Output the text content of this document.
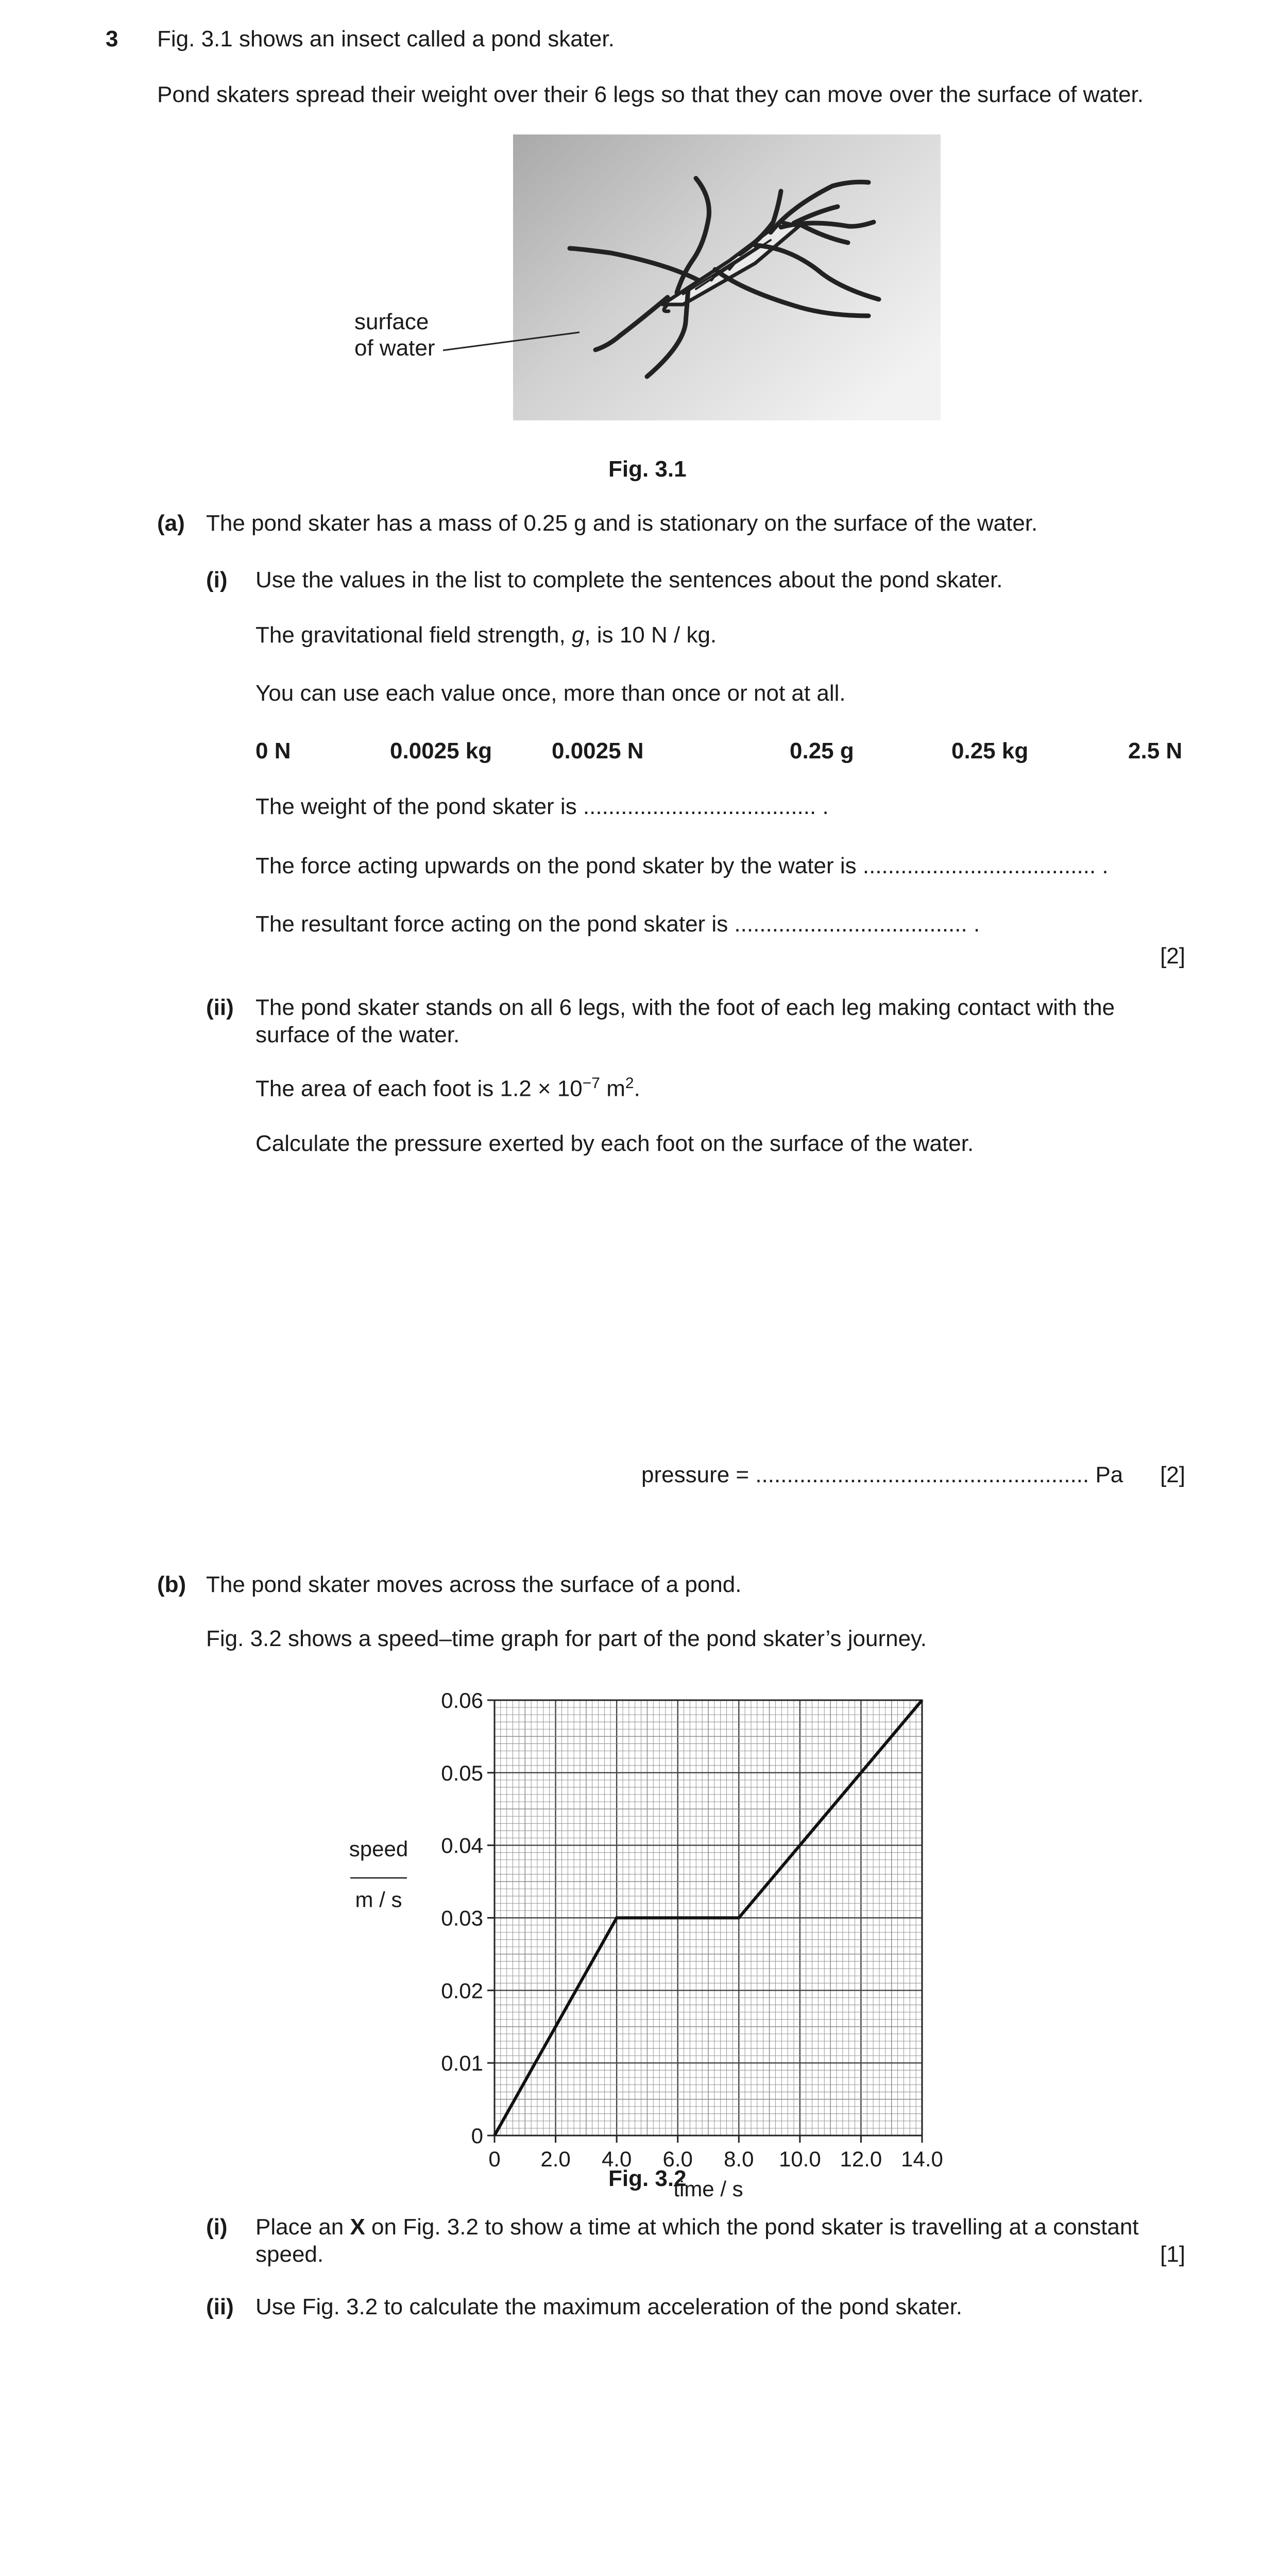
3 Fig. 3.1 shows an insect called a pond skater.
Pond skaters spread their weight over their 6 legs so that they can move over the surface of water.
surface
of water
Fig. 3.1
(a) The pond skater has a mass of 0.25 g and is stationary on the surface of the water.
(i) Use the values in the list to complete the sentences about the pond skater.
The gravitational field strength, g, is 10 N / kg.
You can use each value once, more than once or not at all.
0 N	0.0025 kg	0.0025 N	0.25 g	0.25 kg	2.5 N
The weight of the pond skater is ..................................... .
The force acting upwards on the pond skater by the water is ..................................... .
The resultant force acting on the pond skater is ..................................... .
[2]
(ii) The pond skater stands on all 6 legs, with the foot of each leg making contact with the
surface of the water.
The area of each foot is $1.2 \times 10^{-7}$ $m^2$.
Calculate the pressure exerted by each foot on the surface of the water.
pressure = ..................................................... Pa [2]
(b) The pond skater moves across the surface of a pond.
Fig. 3.2 shows a speed–time graph for part of the pond skater’s journey.
0
0.01
0.02
0.03
0.04
0.05
0.06
0 2.0 4.0 6.0 8.0 10.0 12.0 14.0
time / s
speed
m / s
Fig. 3.2
(i) Place an X on Fig. 3.2 to show a time at which the pond skater is travelling at a constant
speed.	[1]
(ii) Use Fig. 3.2 to calculate the maximum acceleration of the pond skater.
